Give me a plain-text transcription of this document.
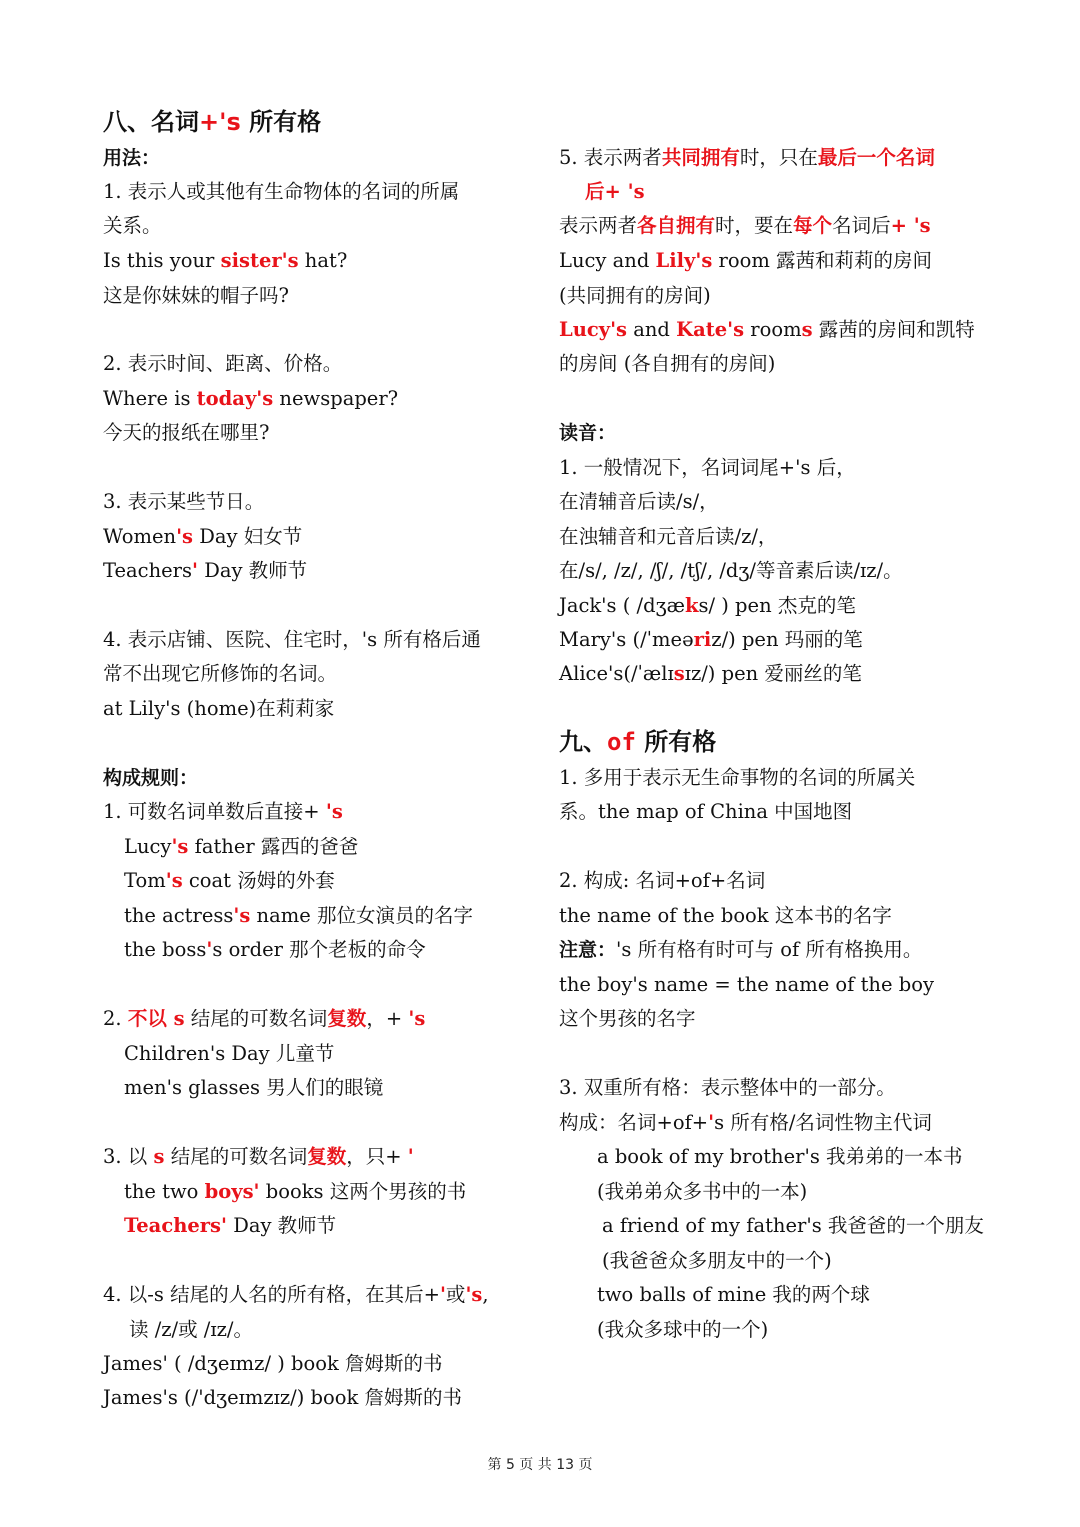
八、名词+'s 所有格
用法：
1. 表示人或其他有生命物体的名词的所属
关系。
Is this your sister's hat?
这是你妹妹的帽子吗?
2. 表示时间、距离、价格。
Where is today's newspaper?
今天的报纸在哪里?
3. 表示某些节日。
Women's Day 妇女节
Teachers' Day 教师节
4. 表示店铺、医院、住宅时，'s 所有格后通
常不出现它所修饰的名词。
at Lily's (home)在莉莉家
构成规则：
1. 可数名词单数后直接+ 's
Lucy's father 露西的爸爸
Tom's coat 汤姆的外套
the actress's name 那位女演员的名字
the boss's order 那个老板的命令
2. 不以 s 结尾的可数名词复数，+ 's
Children's Day 儿童节
men's glasses 男人们的眼镜
3. 以 s 结尾的可数名词复数，只+ '
the two boys' books 这两个男孩的书
Teachers' Day 教师节
4. 以-s 结尾的人名的所有格，在其后+'或's,
读 /z/或 /ɪz/。
James' ( /dʒeɪmz/ ) book 詹姆斯的书
James's (/'dʒeɪmzɪz/) book 詹姆斯的书
5. 表示两者共同拥有时，只在最后一个名词
后+ 's
表示两者各自拥有时，要在每个名词后+ 's
Lucy and Lily's room 露茜和莉莉的房间
(共同拥有的房间)
Lucy's and Kate's rooms 露茜的房间和凯特
的房间 (各自拥有的房间)
读音：
1. 一般情况下，名词词尾+'s 后，
在清辅音后读/s/，
在浊辅音和元音后读/z/，
在/s/, /z/, /ʃ/, /tʃ/, /dʒ/等音素后读/ɪz/。
Jack's ( /dʒæks/ ) pen 杰克的笔
Mary's (/ˈmeəriz/) pen 玛丽的笔
Alice's(/ˈælɪsɪz/) pen 爱丽丝的笔
九、of 所有格
1. 多用于表示无生命事物的名词的所属关
系。the map of China 中国地图
2. 构成: 名词+of+名词
the name of the book 这本书的名字
注意：'s 所有格有时可与 of 所有格换用。
the boy's name = the name of the boy
这个男孩的名字
3. 双重所有格：表示整体中的一部分。
构成：名词+of+'s 所有格/名词性物主代词
a book of my brother's 我弟弟的一本书
(我弟弟众多书中的一本)
a friend of my father's 我爸爸的一个朋友
(我爸爸众多朋友中的一个)
two balls of mine 我的两个球
(我众多球中的一个)
第 5 页 共 13 页
